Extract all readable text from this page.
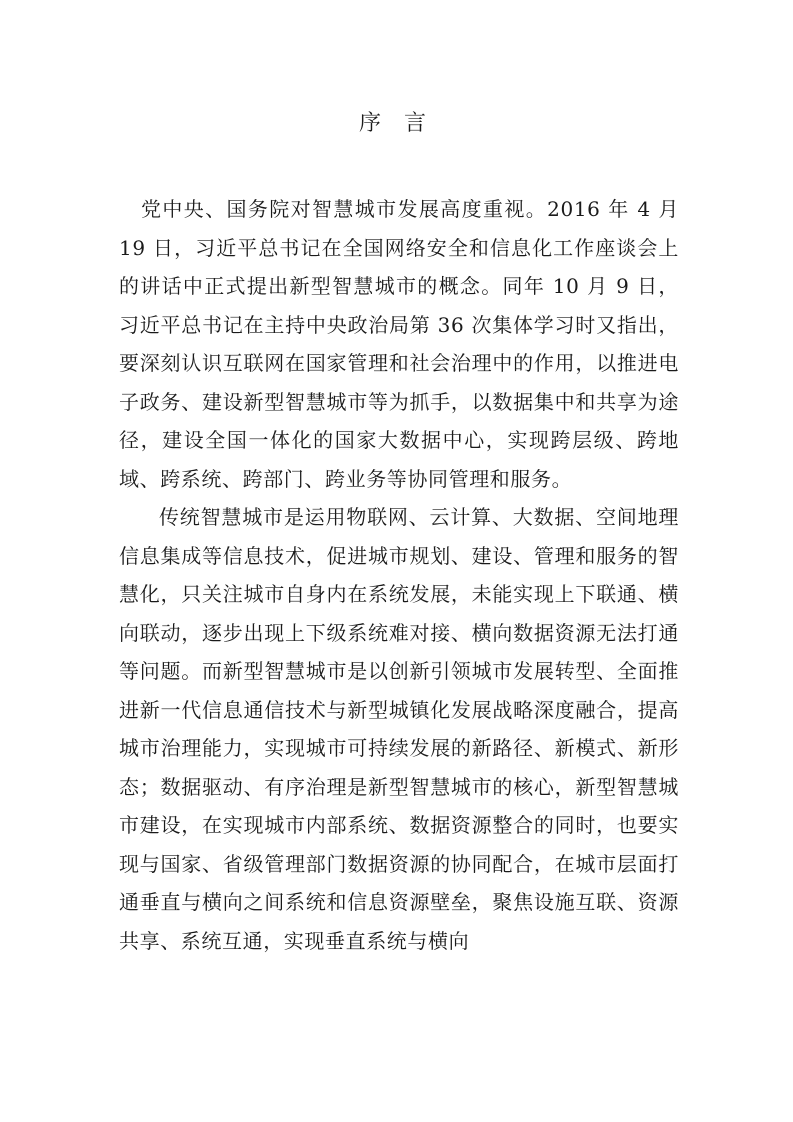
序 言

党中央、国务院对智慧城市发展高度重视。2016 年 4 月 19 日，习近平总书记在全国网络安全和信息化工作座谈会上的讲话中正式提出新型智慧城市的概念。同年 10 月 9 日，习近平总书记在主持中央政治局第 36 次集体学习时又指出，要深刻认识互联网在国家管理和社会治理中的作用，以推进电子政务、建设新型智慧城市等为抓手，以数据集中和共享为途径，建设全国一体化的国家大数据中心，实现跨层级、跨地域、跨系统、跨部门、跨业务等协同管理和服务。

传统智慧城市是运用物联网、云计算、大数据、空间地理信息集成等信息技术，促进城市规划、建设、管理和服务的智慧化，只关注城市自身内在系统发展，未能实现上下联通、横向联动，逐步出现上下级系统难对接、横向数据资源无法打通等问题。而新型智慧城市是以创新引领城市发展转型、全面推进新一代信息通信技术与新型城镇化发展战略深度融合，提高城市治理能力，实现城市可持续发展的新路径、新模式、新形态；数据驱动、有序治理是新型智慧城市的核心，新型智慧城市建设，在实现城市内部系统、数据资源整合的同时，也要实现与国家、省级管理部门数据资源的协同配合，在城市层面打通垂直与横向之间系统和信息资源壁垒，聚焦设施互联、资源共享、系统互通，实现垂直系统与横向
